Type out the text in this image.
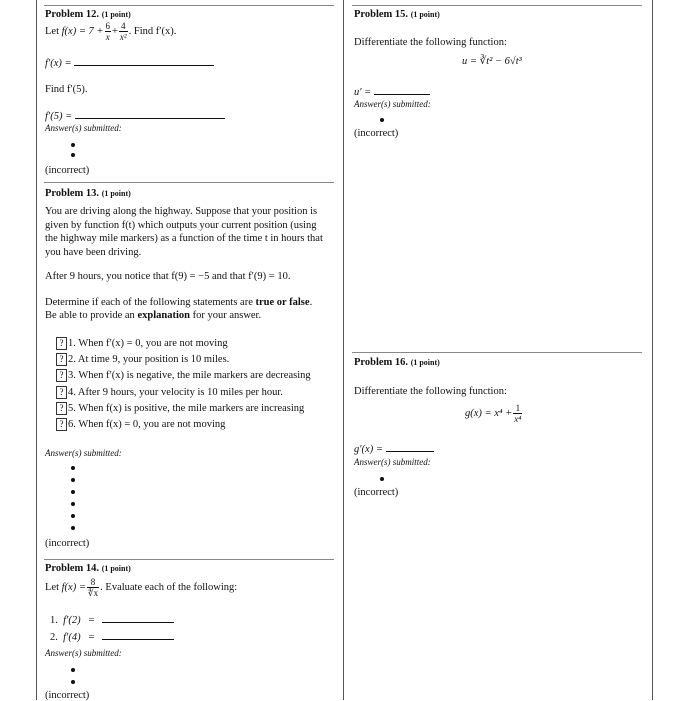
Problem 12. (1 point)
Let $f(x) = 7 + \frac{6}{x} + \frac{4}{\text{x²}}$ . Find f′(x).
f′(x) =
Find f′(5).
f′(5) =
Answer(s) submitted:
(incorrect)
Problem 13. (1 point)
You are driving along the highway. Suppose that your position is
given by function f(t) which outputs your current position (using
the highway mile markers) as a function of the time t in hours that
you have been driving.
After 9 hours, you notice that f(9) = −5 and that f′(9) = 10.
Determine if each of the following statements are true or false.
Be able to provide an explanation for your answer.
? 1. When f′(x) = 0, you are not moving
? 2. At time 9, your position is 10 miles.
? 3. When f′(x) is negative, the mile markers are decreasing
? 4. After 9 hours, your velocity is 10 miles per hour.
? 5. When f(x) is positive, the mile markers are increasing
? 6. When f(x) = 0, you are not moving
Answer(s) submitted:
(incorrect)
Problem 14. (1 point)
Let $f(x) = \frac{8}{∜x}$ . Evaluate each of the following:
1. f′(2) =
2. f′(4) =
Answer(s) submitted:
(incorrect)
Problem 15. (1 point)
Differentiate the following function:
u = ∛t² − 6√t³
u′ =
Answer(s) submitted:
(incorrect)
Problem 16. (1 point)
Differentiate the following function:
$g(x) = x^4 + \frac{1}{\text{x⁴}}$
g′(x) =
Answer(s) submitted:
(incorrect)
